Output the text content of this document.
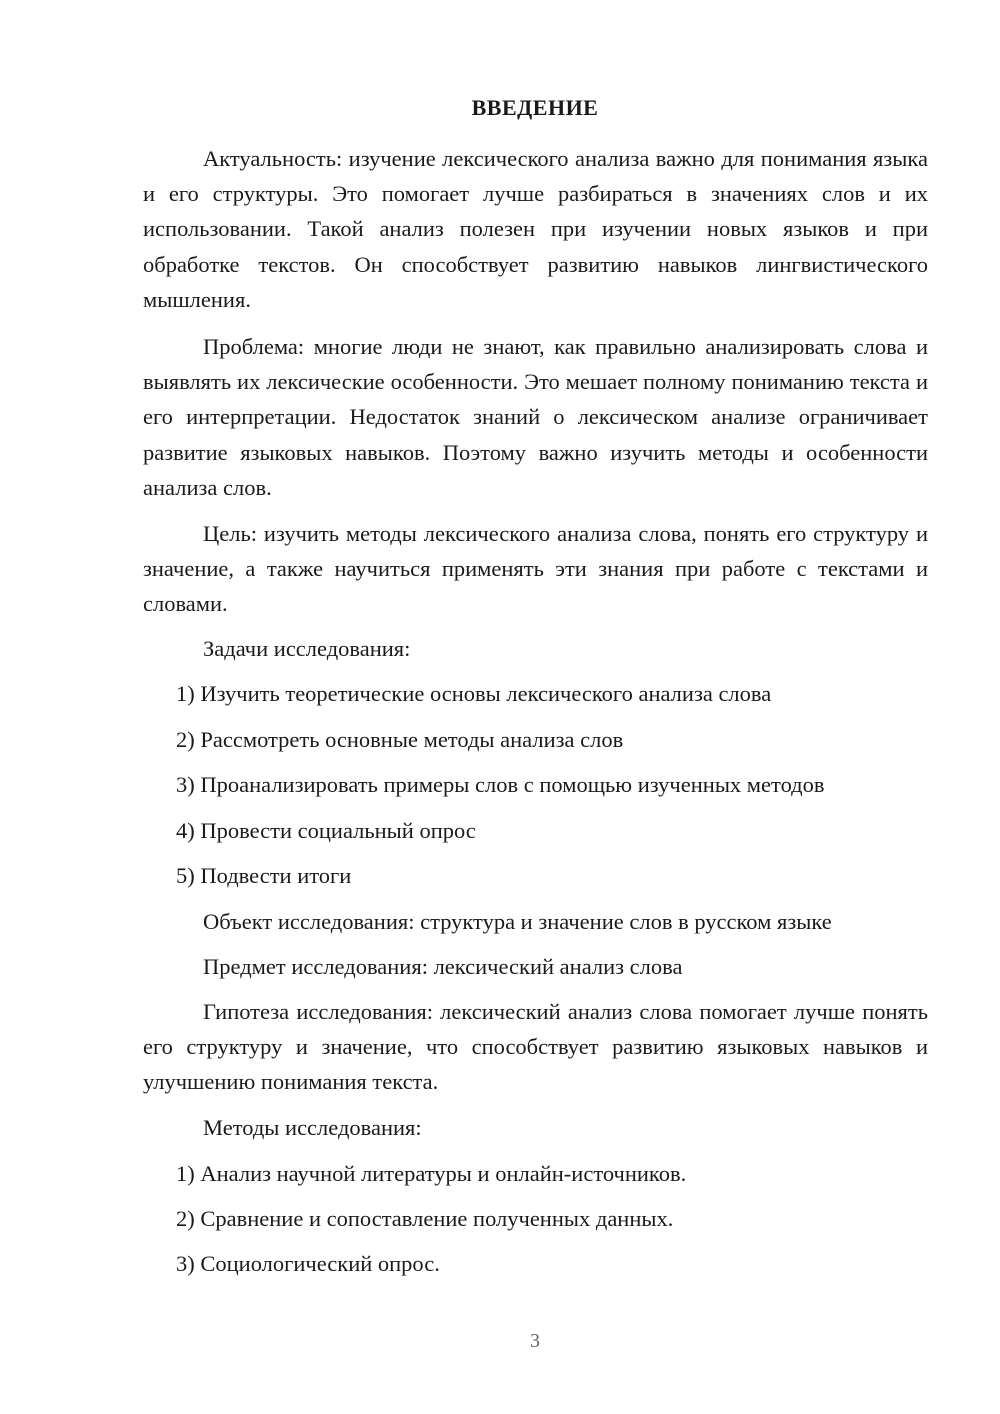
ВВЕДЕНИЕ

Актуальность: изучение лексического анализа важно для понимания языка и его структуры. Это помогает лучше разбираться в значениях слов и их использовании. Такой анализ полезен при изучении новых языков и при обработке текстов. Он способствует развитию навыков лингвистического мышления.

Проблема: многие люди не знают, как правильно анализировать слова и выявлять их лексические особенности. Это мешает полному пониманию текста и его интерпретации. Недостаток знаний о лексическом анализе ограничивает развитие языковых навыков. Поэтому важно изучить методы и особенности анализа слов.

Цель: изучить методы лексического анализа слова, понять его структуру и значение, а также научиться применять эти знания при работе с текстами и словами.

Задачи исследования:

1) Изучить теоретические основы лексического анализа слова

2) Рассмотреть основные методы анализа слов

3) Проанализировать примеры слов с помощью изученных методов

4) Провести социальный опрос

5) Подвести итоги

Объект исследования: структура и значение слов в русском языке

Предмет исследования: лексический анализ слова

Гипотеза исследования: лексический анализ слова помогает лучше понять его структуру и значение, что способствует развитию языковых навыков и улучшению понимания текста.

Методы исследования:

1) Анализ научной литературы и онлайн-источников.

2) Сравнение и сопоставление полученных данных.

3) Социологический опрос.

3
